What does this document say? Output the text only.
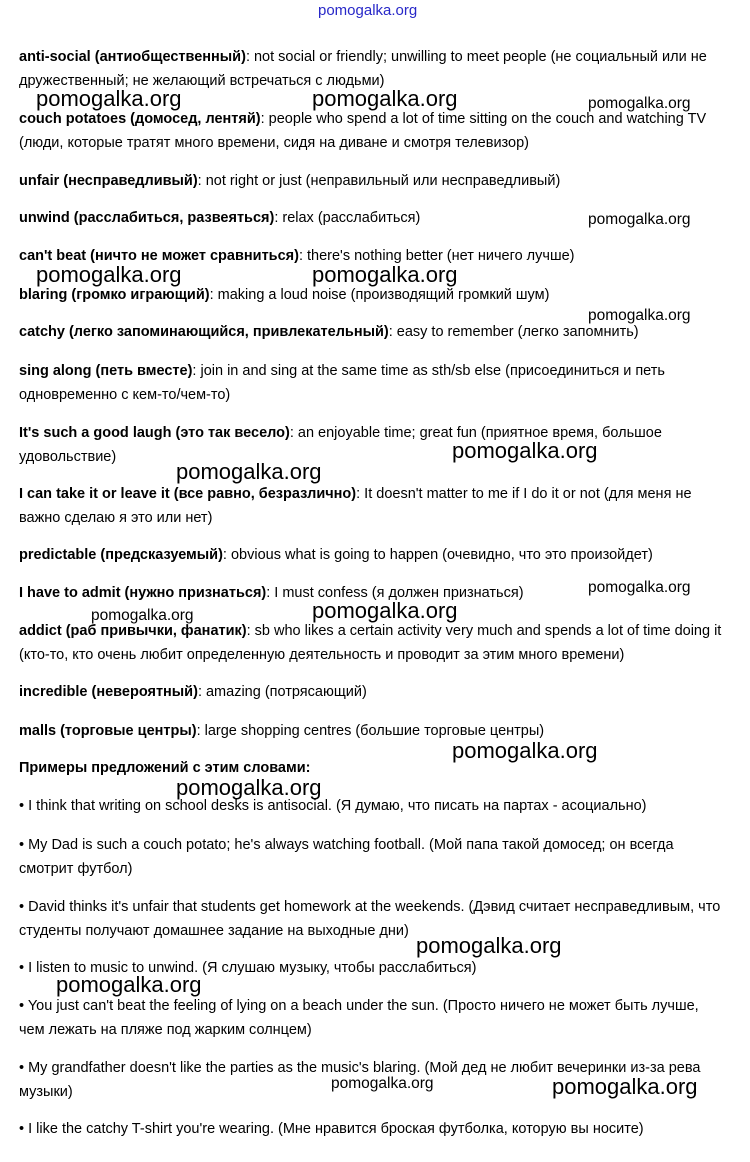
pomogalka.org
anti-social (антиобщественный): not social or friendly; unwilling to meet people (не социальный или не дружественный; не желающий встречаться с людьми)
couch potatoes (домосед, лентяй): people who spend a lot of time sitting on the couch and watching TV (люди, которые тратят много времени, сидя на диване и смотря телевизор)
unfair (несправедливый): not right or just (неправильный или несправедливый)
unwind (расслабиться, развеяться): relax (расслабиться)
can't beat (ничто не может сравниться): there's nothing better (нет ничего лучше)
blaring (громко играющий): making a loud noise (производящий громкий шум)
catchy (легко запоминающийся, привлекательный): easy to remember (легко запомнить)
sing along (петь вместе): join in and sing at the same time as sth/sb else (присоединиться и петь одновременно с кем-то/чем-то)
It's such a good laugh (это так весело): an enjoyable time; great fun (приятное время, большое удовольствие)
I can take it or leave it (все равно, безразлично): It doesn't matter to me if I do it or not (для меня не важно сделаю я это или нет)
predictable (предсказуемый): obvious what is going to happen (очевидно, что это произойдет)
I have to admit (нужно признаться): I must confess (я должен признаться)
addict (раб привычки, фанатик): sb who likes a certain activity very much and spends a lot of time doing it (кто-то, кто очень любит определенную деятельность и проводит за этим много времени)
incredible (невероятный): amazing (потрясающий)
malls (торговые центры): large shopping centres (большие торговые центры)
Примеры предложений с этим словами:
• I think that writing on school desks is antisocial. (Я думаю, что писать на партах - асоциально)
• My Dad is such a couch potato; he's always watching football. (Мой папа такой домосед; он всегда смотрит футбол)
• David thinks it's unfair that students get homework at the weekends. (Дэвид считает несправедливым, что студенты получают домашнее задание на выходные дни)
• I listen to music to unwind. (Я слушаю музыку, чтобы расслабиться)
• You just can't beat the feeling of lying on a beach under the sun. (Просто ничего не может быть лучше, чем лежать на пляже под жарким солнцем)
• My grandfather doesn't like the parties as the music's blaring. (Мой дед не любит вечеринки из-за рева музыки)
• I like the catchy T-shirt you're wearing. (Мне нравится броская футболка, которую вы носите)
pomogalka.org	pomogalka.org	pomogalka.org
pomogalka.org
pomogalka.org	pomogalka.org
pomogalka.org
pomogalka.org
pomogalka.org
pomogalka.org
pomogalka.org
pomogalka.org
pomogalka.org
pomogalka.org
pomogalka.org
pomogalka.org
pomogalka.org	pomogalka.org
